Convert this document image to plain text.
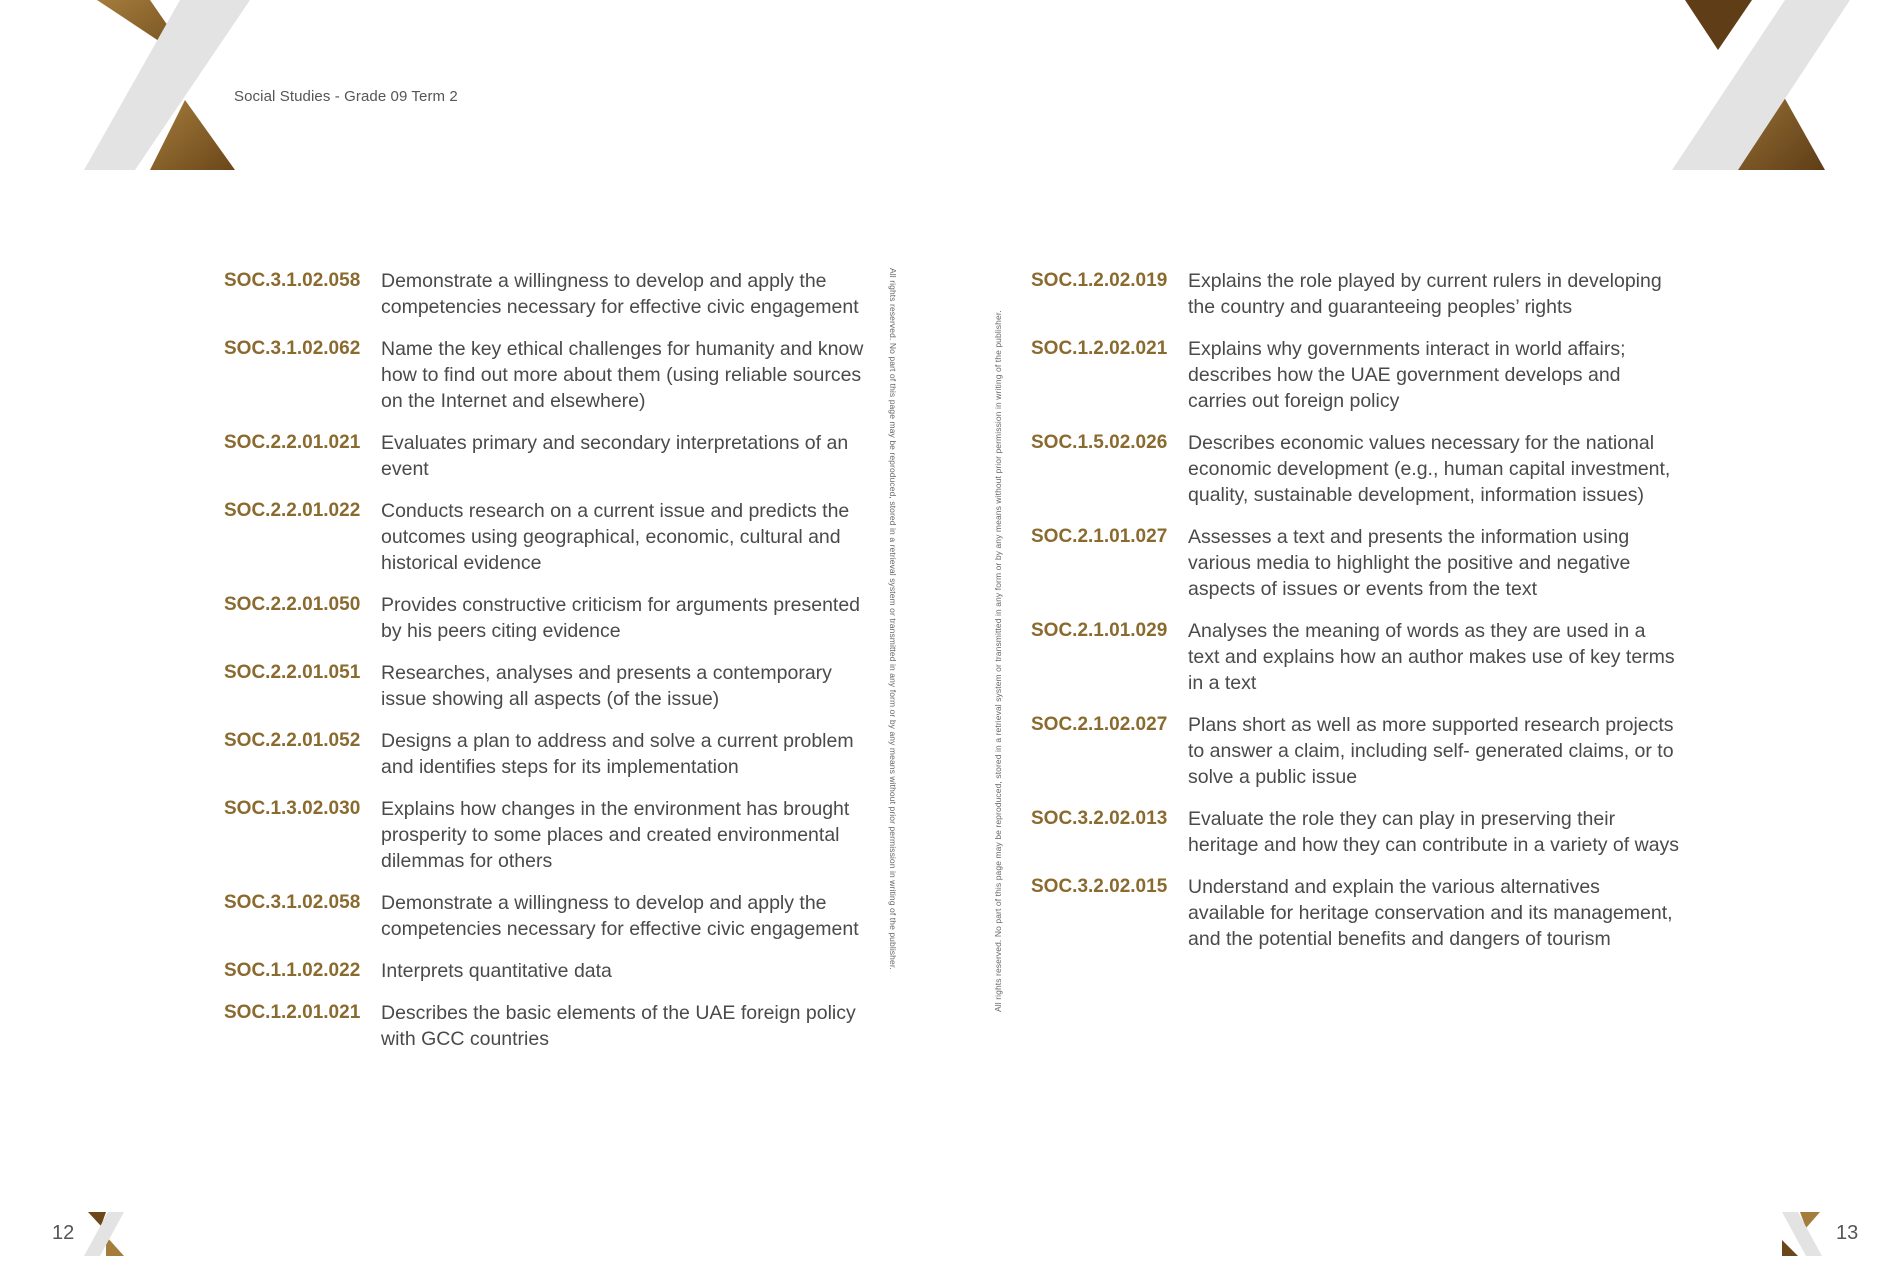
Social Studies - Grade 09 Term 2
SOC.3.1.02.058	Demonstrate a willingness to develop and apply the competencies necessary for effective civic engagement
SOC.3.1.02.062	Name the key ethical challenges for humanity and know how to find out more about them (using reliable sources on the Internet and elsewhere)
SOC.2.2.01.021	Evaluates primary and secondary interpretations of an event
SOC.2.2.01.022	Conducts research on a current issue and predicts the outcomes using geographical, economic, cultural and historical evidence
SOC.2.2.01.050	Provides constructive criticism for arguments presented by his peers citing evidence
SOC.2.2.01.051	Researches, analyses and presents a contemporary issue showing all aspects (of the issue)
SOC.2.2.01.052	Designs a plan to address and solve a current problem and identifies steps for its implementation
SOC.1.3.02.030	Explains how changes in the environment has brought prosperity to some places and created environmental dilemmas for others
SOC.3.1.02.058	Demonstrate a willingness to develop and apply the competencies necessary for effective civic engagement
SOC.1.1.02.022	Interprets quantitative data
SOC.1.2.01.021	Describes the basic elements of the UAE foreign policy with GCC countries
All rights reserved. No part of this page may be reproduced, stored in a retrieval system or transmitted in any form or by any means without prior permission in writing of the publisher.	All rights reserved. No part of this page may be reproduced, stored in a retrieval system or transmitted in any form or by any means without prior permission in writing of the publisher.
SOC.1.2.02.019	Explains the role played by current rulers in developing the country and guaranteeing peoples’ rights
SOC.1.2.02.021	Explains why governments interact in world affairs; describes how the UAE government develops and carries out foreign policy
SOC.1.5.02.026	Describes economic values necessary for the national economic development (e.g., human capital investment, quality, sustainable development, information issues)
SOC.2.1.01.027	Assesses a text and presents the information using various media to highlight the positive and negative aspects of issues or events from the text
SOC.2.1.01.029	Analyses the meaning of words as they are used in a text and explains how an author makes use of key terms in a text
SOC.2.1.02.027	Plans short as well as more supported research projects to answer a claim, including self- generated claims, or to solve a public issue
SOC.3.2.02.013	Evaluate the role they can play in preserving their heritage and how they can contribute in a variety of ways
SOC.3.2.02.015	Understand and explain the various alternatives available for heritage conservation and its management, and the potential benefits and dangers of tourism
12	13
